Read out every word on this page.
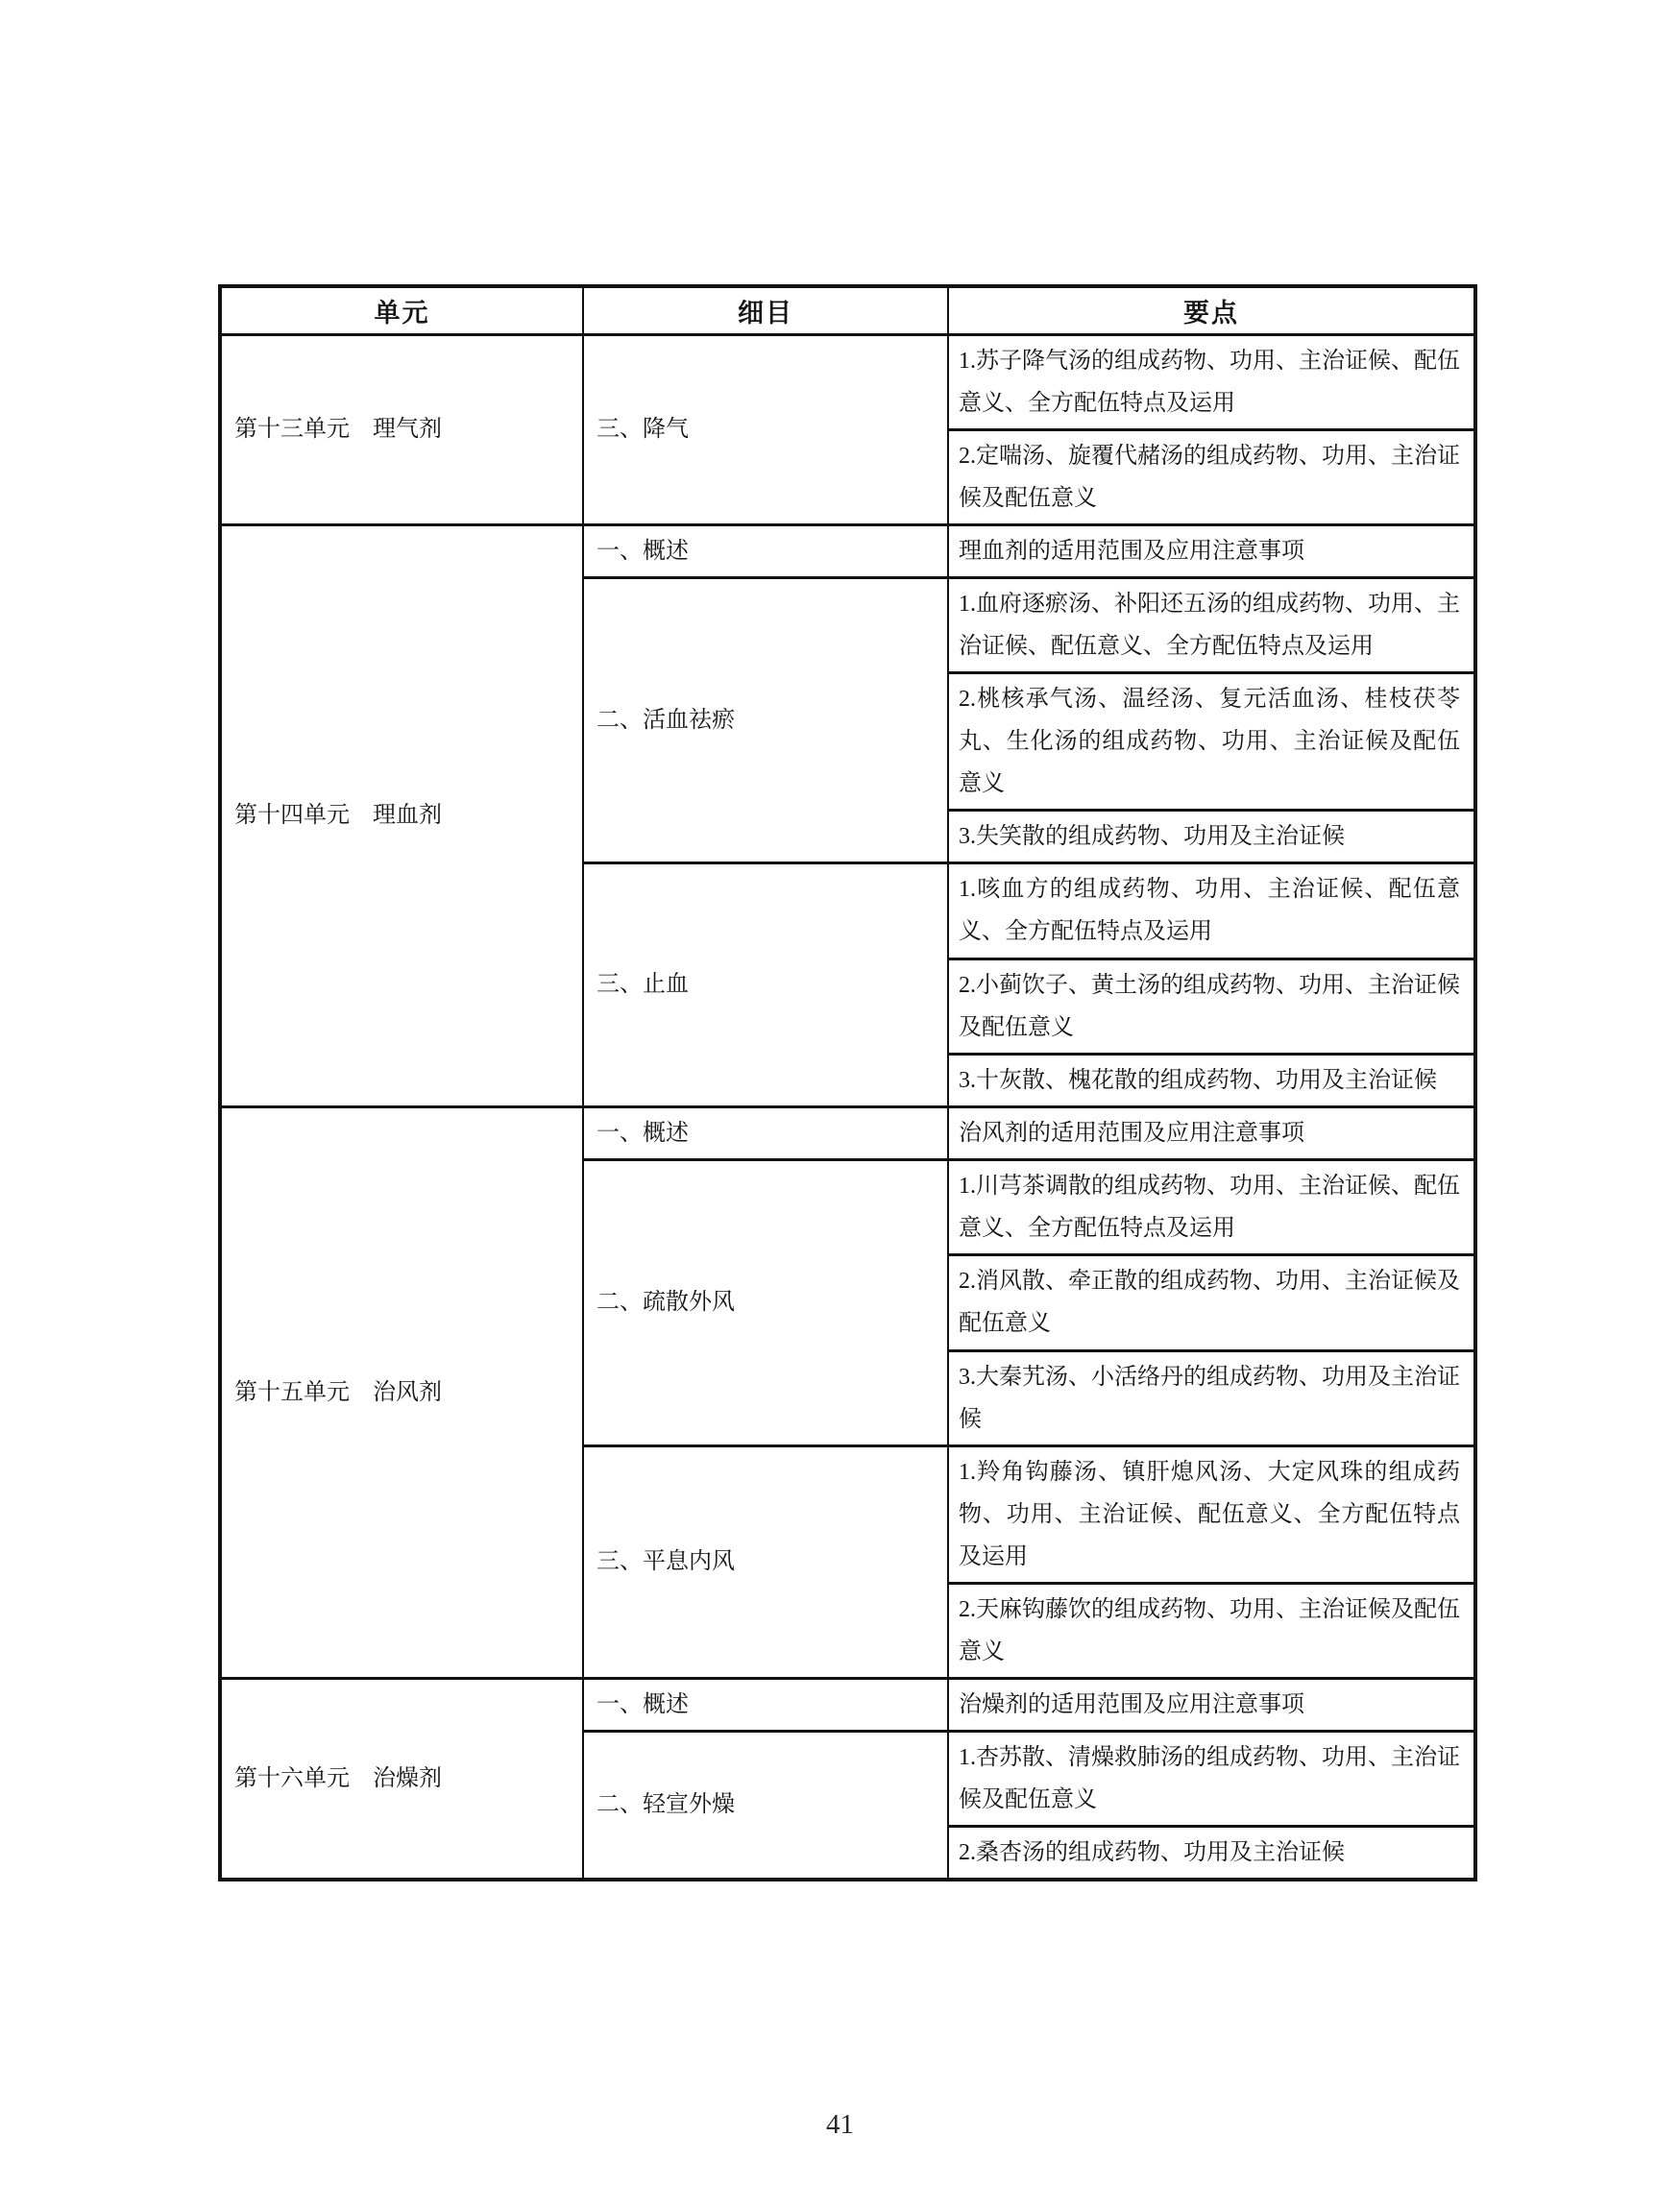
单元	细目	要点
第十三单元　理气剂	三、降气	1.苏子降气汤的组成药物、功用、主治证候、配伍意义、全方配伍特点及运用
		2.定喘汤、旋覆代赭汤的组成药物、功用、主治证候及配伍意义
第十四单元　理血剂	一、概述	理血剂的适用范围及应用注意事项
	二、活血祛瘀	1.血府逐瘀汤、补阳还五汤的组成药物、功用、主治证候、配伍意义、全方配伍特点及运用
		2.桃核承气汤、温经汤、复元活血汤、桂枝茯苓丸、生化汤的组成药物、功用、主治证候及配伍意义
		3.失笑散的组成药物、功用及主治证候
	三、止血	1.咳血方的组成药物、功用、主治证候、配伍意义、全方配伍特点及运用
		2.小蓟饮子、黄土汤的组成药物、功用、主治证候及配伍意义
		3.十灰散、槐花散的组成药物、功用及主治证候
第十五单元　治风剂	一、概述	治风剂的适用范围及应用注意事项
	二、疏散外风	1.川芎茶调散的组成药物、功用、主治证候、配伍意义、全方配伍特点及运用
		2.消风散、牵正散的组成药物、功用、主治证候及配伍意义
		3.大秦艽汤、小活络丹的组成药物、功用及主治证候
	三、平息内风	1.羚角钩藤汤、镇肝熄风汤、大定风珠的组成药物、功用、主治证候、配伍意义、全方配伍特点及运用
		2.天麻钩藤饮的组成药物、功用、主治证候及配伍意义
第十六单元　治燥剂	一、概述	治燥剂的适用范围及应用注意事项
	二、轻宣外燥	1.杏苏散、清燥救肺汤的组成药物、功用、主治证候及配伍意义
		2.桑杏汤的组成药物、功用及主治证候
41
